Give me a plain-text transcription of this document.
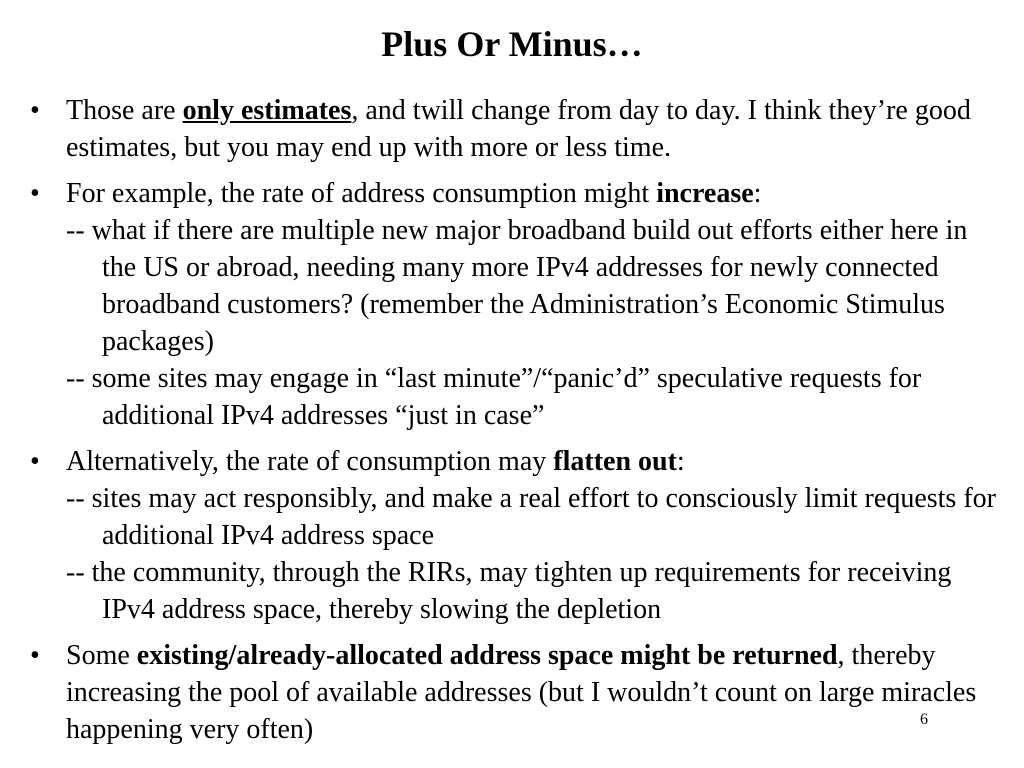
Plus Or Minus…
• Those are only estimates, and twill change from day to day. I think they’re good estimates, but you may end up with more or less time.
• For example, the rate of address consumption might increase:
-- what if there are multiple new major broadband build out efforts either here in the US or abroad, needing many more IPv4 addresses for newly connected broadband customers? (remember the Administration’s Economic Stimulus packages)
-- some sites may engage in “last minute”/“panic’d” speculative requests for additional IPv4 addresses “just in case”
• Alternatively, the rate of consumption may flatten out:
-- sites may act responsibly, and make a real effort to consciously limit requests for additional IPv4 address space
-- the community, through the RIRs, may tighten up requirements for receiving IPv4 address space, thereby slowing the depletion
• Some existing/already-allocated address space might be returned, thereby increasing the pool of available addresses (but I wouldn’t count on large miracles happening very often)	6
